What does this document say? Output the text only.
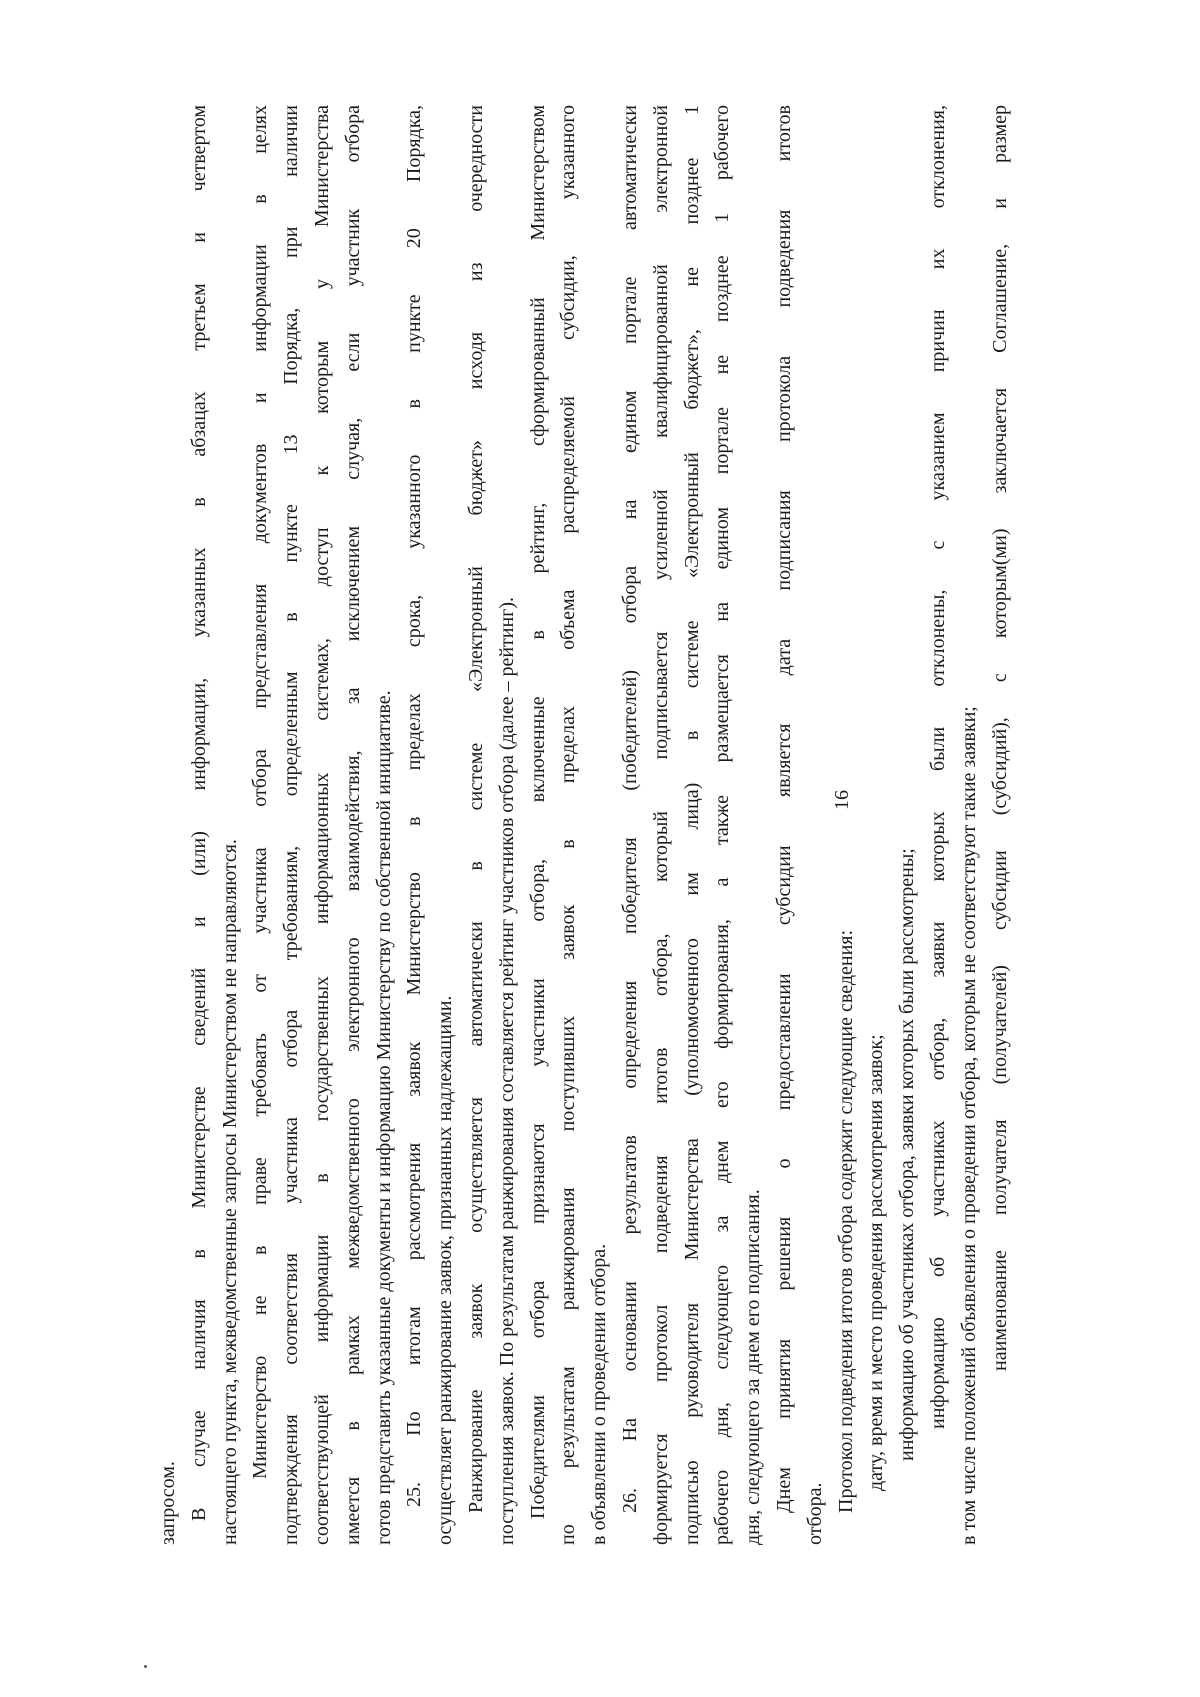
16
запросом. В случае наличия в Министерстве сведений и (или) информации, указанных в абзацах третьем и четвертом настоящего пункта, межведомственные запросы Министерством не направляются. Министерство не в праве требовать от участника отбора представления документов и информации в целях подтверждения соответствия участника отбора требованиям, определенным в пункте 13 Порядка, при наличии соответствующей информации в государственных информационных системах, доступ к которым у Министерства имеется в рамках межведомственного электронного взаимодействия, за исключением случая, если участник отбора готов представить указанные документы и информацию Министерству по собственной инициативе. 25. По итогам рассмотрения заявок Министерство в пределах срока, указанного в пункте 20 Порядка, осуществляет ранжирование заявок, признанных надлежащими. Ранжирование заявок осуществляется автоматически в системе «Электронный бюджет» исходя из очередности поступления заявок. По результатам ранжирования составляется рейтинг участников отбора (далее – рейтинг). Победителями отбора признаются участники отбора, включенные в рейтинг, сформированный Министерством по результатам ранжирования поступивших заявок в пределах объема распределяемой субсидии, указанного в объявлении о проведении отбора. 26. На основании результатов определения победителя (победителей) отбора на едином портале автоматически формируется протокол подведения итогов отбора, который подписывается усиленной квалифицированной электронной подписью руководителя Министерства (уполномоченного им лица) в системе «Электронный бюджет», не позднее 1 рабочего дня, следующего за днем его формирования, а также размещается на едином портале не позднее 1 рабочего дня, следующего за днем его подписания. Днем принятия решения о предоставлении субсидии является дата подписания протокола подведения итогов
отбора.
Протокол подведения итогов отбора содержит следующие сведения: дату, время и место проведения рассмотрения заявок; информацию об участниках отбора, заявки которых были рассмотрены; информацию об участниках отбора, заявки которых были отклонены, с указанием причин их отклонения, в том числе положений объявления о проведении отбора, которым не соответствуют такие заявки; наименование получателя (получателей) субсидии (субсидий), с которым(ми) заключается Соглашение, и размер
